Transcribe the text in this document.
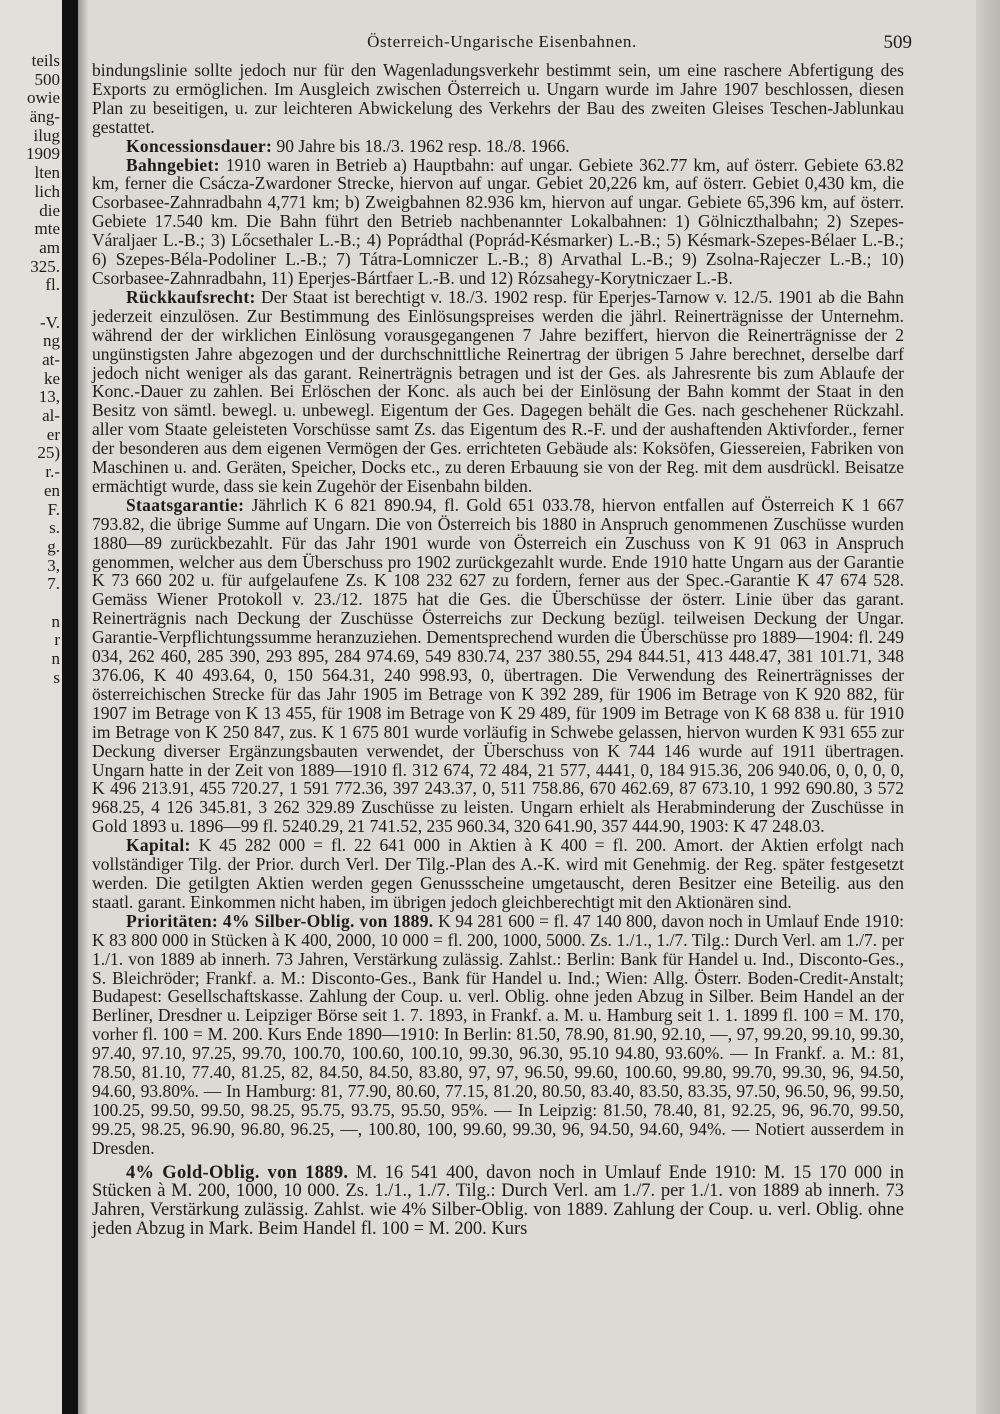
teils
500
owie
äng-
ilug
1909
lten
lich
die
mte
am
325.
fl.
-V.
ng
at-
ke
13,
al-
er
25)
r.-
en
F.
s.
g.
3,
7.
n
r
n
s
Österreich-Ungarische Eisenbahnen.	509

bindungslinie sollte jedoch nur für den Wagenladungsverkehr bestimmt sein, um eine raschere Abfertigung des Exports zu ermöglichen. Im Ausgleich zwischen Österreich u. Ungarn wurde im Jahre 1907 beschlossen, diesen Plan zu beseitigen, u. zur leichteren Abwickelung des Verkehrs der Bau des zweiten Gleises Teschen-Jablunkau gestattet.

Koncessionsdauer: 90 Jahre bis 18./3. 1962 resp. 18./8. 1966.

Bahngebiet: 1910 waren in Betrieb a) Hauptbahn: auf ungar. Gebiete 362.77 km, auf österr. Gebiete 63.82 km, ferner die Csácza-Zwardoner Strecke, hiervon auf ungar. Gebiet 20,226 km, auf österr. Gebiet 0,430 km, die Csorbasee-Zahnradbahn 4,771 km; b) Zweigbahnen 82.936 km, hiervon auf ungar. Gebiete 65,396 km, auf österr. Gebiete 17.540 km. Die Bahn führt den Betrieb nachbenannter Lokalbahnen: 1) Gölniczthalbahn; 2) Szepes-Váraljaer L.-B.; 3) Lőcsethaler L.-B.; 4) Poprádthal (Poprád-Késmarker) L.-B.; 5) Késmark-Szepes-Bélaer L.-B.; 6) Szepes-Béla-Podoliner L.-B.; 7) Tátra-Lomniczer L.-B.; 8) Arvathal L.-B.; 9) Zsolna-Rajeczer L.-B.; 10) Csorbasee-Zahnradbahn, 11) Eperjes-Bártfaer L.-B. und 12) Rózsahegy-Korytniczaer L.-B.

Rückkaufsrecht: Der Staat ist berechtigt v. 18./3. 1902 resp. für Eperjes-Tarnow v. 12./5. 1901 ab die Bahn jederzeit einzulösen. Zur Bestimmung des Einlösungspreises werden die jährl. Reinerträgnisse der Unternehm. während der der wirklichen Einlösung vorausgegangenen 7 Jahre beziffert, hiervon die Reinerträgnisse der 2 ungünstigsten Jahre abgezogen und der durchschnittliche Reinertrag der übrigen 5 Jahre berechnet, derselbe darf jedoch nicht weniger als das garant. Reinerträgnis betragen und ist der Ges. als Jahresrente bis zum Ablaufe der Konc.-Dauer zu zahlen. Bei Erlöschen der Konc. als auch bei der Einlösung der Bahn kommt der Staat in den Besitz von sämtl. bewegl. u. unbewegl. Eigentum der Ges. Dagegen behält die Ges. nach geschehener Rückzahl. aller vom Staate geleisteten Vorschüsse samt Zs. das Eigentum des R.-F. und der aushaftenden Aktivforder., ferner der besonderen aus dem eigenen Vermögen der Ges. errichteten Gebäude als: Koksöfen, Giessereien, Fabriken von Maschinen u. and. Geräten, Speicher, Docks etc., zu deren Erbauung sie von der Reg. mit dem ausdrückl. Beisatze ermächtigt wurde, dass sie kein Zugehör der Eisenbahn bilden.

Staatsgarantie: Jährlich K 6 821 890.94, fl. Gold 651 033.78, hiervon entfallen auf Österreich K 1 667 793.82, die übrige Summe auf Ungarn. Die von Österreich bis 1880 in Anspruch genommenen Zuschüsse wurden 1880—89 zurückbezahlt. Für das Jahr 1901 wurde von Österreich ein Zuschuss von K 91 063 in Anspruch genommen, welcher aus dem Überschuss pro 1902 zurückgezahlt wurde. Ende 1910 hatte Ungarn aus der Garantie K 73 660 202 u. für aufgelaufene Zs. K 108 232 627 zu fordern, ferner aus der Spec.-Garantie K 47 674 528. Gemäss Wiener Protokoll v. 23./12. 1875 hat die Ges. die Überschüsse der österr. Linie über das garant. Reinerträgnis nach Deckung der Zuschüsse Österreichs zur Deckung bezügl. teilweisen Deckung der Ungar. Garantie-Verpflichtungssumme heranzuziehen. Dementsprechend wurden die Überschüsse pro 1889—1904: fl. 249 034, 262 460, 285 390, 293 895, 284 974.69, 549 830.74, 237 380.55, 294 844.51, 413 448.47, 381 101.71, 348 376.06, K 40 493.64, 0, 150 564.31, 240 998.93, 0, übertragen. Die Verwendung des Reinerträgnisses der österreichischen Strecke für das Jahr 1905 im Betrage von K 392 289, für 1906 im Betrage von K 920 882, für 1907 im Betrage von K 13 455, für 1908 im Betrage von K 29 489, für 1909 im Betrage von K 68 838 u. für 1910 im Betrage von K 250 847, zus. K 1 675 801 wurde vorläufig in Schwebe gelassen, hiervon wurden K 931 655 zur Deckung diverser Ergänzungsbauten verwendet, der Überschuss von K 744 146 wurde auf 1911 übertragen. Ungarn hatte in der Zeit von 1889—1910 fl. 312 674, 72 484, 21 577, 4441, 0, 184 915.36, 206 940.06, 0, 0, 0, 0, K 496 213.91, 455 720.27, 1 591 772.36, 397 243.37, 0, 511 758.86, 670 462.69, 87 673.10, 1 992 690.80, 3 572 968.25, 4 126 345.81, 3 262 329.89 Zuschüsse zu leisten. Ungarn erhielt als Herabminderung der Zuschüsse in Gold 1893 u. 1896—99 fl. 5240.29, 21 741.52, 235 960.34, 320 641.90, 357 444.90, 1903: K 47 248.03.

Kapital: K 45 282 000 = fl. 22 641 000 in Aktien à K 400 = fl. 200. Amort. der Aktien erfolgt nach vollständiger Tilg. der Prior. durch Verl. Der Tilg.-Plan des A.-K. wird mit Genehmig. der Reg. später festgesetzt werden. Die getilgten Aktien werden gegen Genussscheine umgetauscht, deren Besitzer eine Beteilig. aus den staatl. garant. Einkommen nicht haben, im übrigen jedoch gleichberechtigt mit den Aktionären sind.

Prioritäten: 4% Silber-Oblig. von 1889. K 94 281 600 = fl. 47 140 800, davon noch in Umlauf Ende 1910: K 83 800 000 in Stücken à K 400, 2000, 10 000 = fl. 200, 1000, 5000. Zs. 1./1., 1./7. Tilg.: Durch Verl. am 1./7. per 1./1. von 1889 ab innerh. 73 Jahren, Verstärkung zulässig. Zahlst.: Berlin: Bank für Handel u. Ind., Disconto-Ges., S. Bleichröder; Frankf. a. M.: Disconto-Ges., Bank für Handel u. Ind.; Wien: Allg. Österr. Boden-Credit-Anstalt; Budapest: Gesellschaftskasse. Zahlung der Coup. u. verl. Oblig. ohne jeden Abzug in Silber. Beim Handel an der Berliner, Dresdner u. Leipziger Börse seit 1. 7. 1893, in Frankf. a. M. u. Hamburg seit 1. 1. 1899 fl. 100 = M. 170, vorher fl. 100 = M. 200. Kurs Ende 1890—1910: In Berlin: 81.50, 78.90, 81.90, 92.10, —, 97, 99.20, 99.10, 99.30, 97.40, 97.10, 97.25, 99.70, 100.70, 100.60, 100.10, 99.30, 96.30, 95.10 94.80, 93.60%. — In Frankf. a. M.: 81, 78.50, 81.10, 77.40, 81.25, 82, 84.50, 84.50, 83.80, 97, 97, 96.50, 99.60, 100.60, 99.80, 99.70, 99.30, 96, 94.50, 94.60, 93.80%. — In Hamburg: 81, 77.90, 80.60, 77.15, 81.20, 80.50, 83.40, 83.50, 83.35, 97.50, 96.50, 96, 99.50, 100.25, 99.50, 99.50, 98.25, 95.75, 93.75, 95.50, 95%. — In Leipzig: 81.50, 78.40, 81, 92.25, 96, 96.70, 99.50, 99.25, 98.25, 96.90, 96.80, 96.25, —, 100.80, 100, 99.60, 99.30, 96, 94.50, 94.60, 94%. — Notiert ausserdem in Dresden.

4% Gold-Oblig. von 1889. M. 16 541 400, davon noch in Umlauf Ende 1910: M. 15 170 000 in Stücken à M. 200, 1000, 10 000. Zs. 1./1., 1./7. Tilg.: Durch Verl. am 1./7. per 1./1. von 1889 ab innerh. 73 Jahren, Verstärkung zulässig. Zahlst. wie 4% Silber-Oblig. von 1889. Zahlung der Coup. u. verl. Oblig. ohne jeden Abzug in Mark. Beim Handel fl. 100 = M. 200. Kurs
